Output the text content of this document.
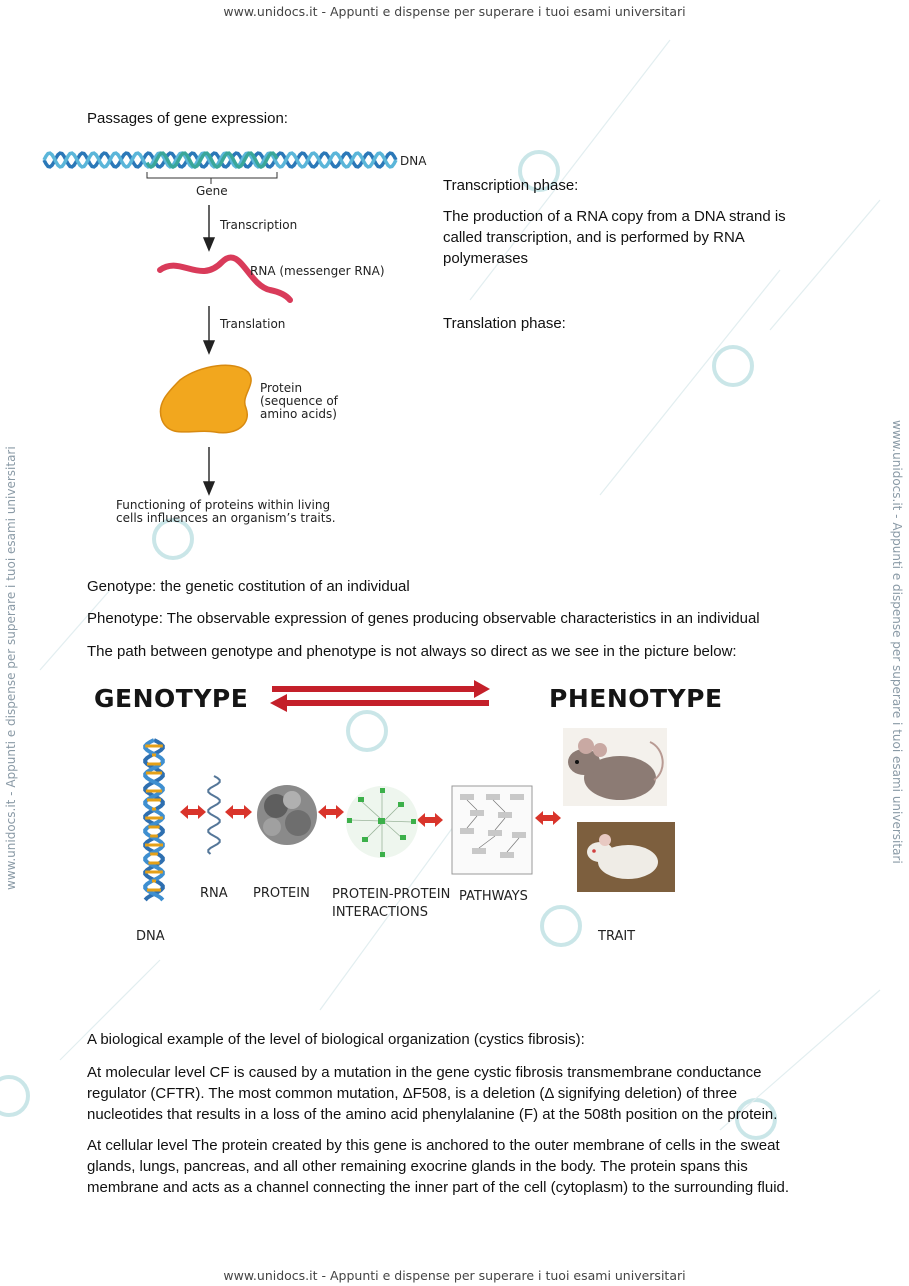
www.unidocs.it - Appunti e dispense per superare i tuoi esami universitari
www.unidocs.it - Appunti e dispense per superare i tuoi esami universitari
www.unidocs.it - Appunti e dispense per superare i tuoi esami universitari	www.unidocs.it - Appunti e dispense per superare i tuoi esami universitari
Passages of gene expression:
DNA
Gene
Transcription
RNA (messenger RNA)
Translation
Protein
(sequence of
amino acids)
Functioning of proteins within living
cells influences an organism’s traits.
Transcription phase:
The production of a RNA copy from a DNA strand is
called transcription, and is performed by RNA
polymerases
Translation phase:
Genotype: the genetic costitution of an individual
Phenotype: The observable expression of genes producing observable characteristics in an individual
The path between genotype and phenotype is not always so direct as we see in the picture below:
GENOTYPE	PHENOTYPE
RNA PROTEIN PROTEIN-PROTEIN
INTERACTIONS
PATHWAYS
DNA	TRAIT
A biological example of the level of biological organization (cystics fibrosis):
At molecular level CF is caused by a mutation in the gene cystic fibrosis transmembrane conductance
regulator (CFTR). The most common mutation, ΔF508, is a deletion (Δ signifying deletion) of three
nucleotides that results in a loss of the amino acid phenylalanine (F) at the 508th position on the protein.
At cellular level The protein created by this gene is anchored to the outer membrane of cells in the sweat
glands, lungs, pancreas, and all other remaining exocrine glands in the body. The protein spans this
membrane and acts as a channel connecting the inner part of the cell (cytoplasm) to the surrounding fluid.
